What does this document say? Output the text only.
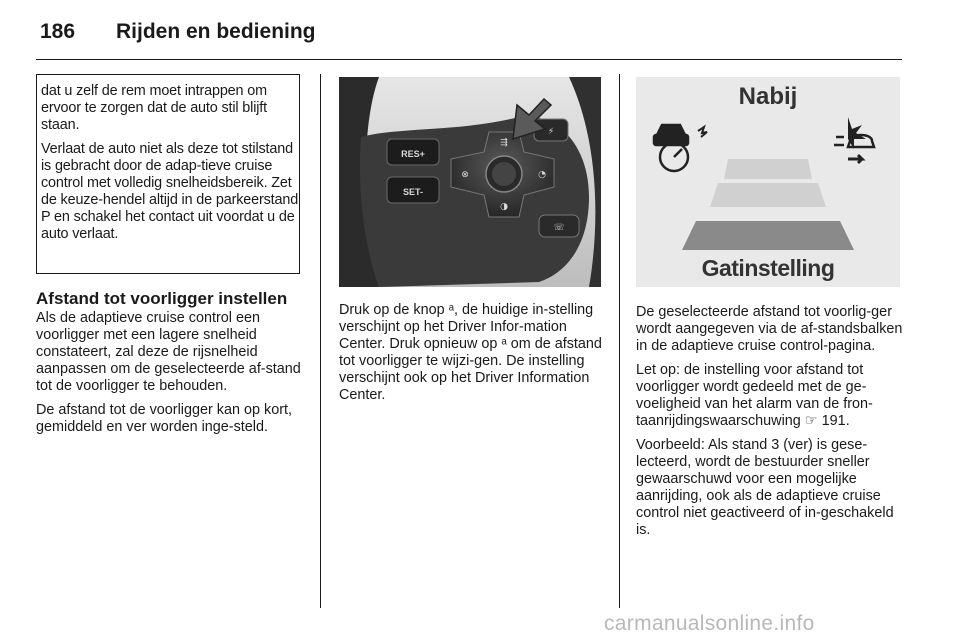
186 Rijden en bediening

dat u zelf de rem moet intrappen om ervoor te zorgen dat de auto stil blijft staan.

Verlaat de auto niet als deze tot stilstand is gebracht door de adap-tieve cruise control met volledig snelheidsbereik. Zet de keuze-hendel altijd in de parkeerstand P en schakel het contact uit voordat u de auto verlaat.

Afstand tot voorligger instellen

Als de adaptieve cruise control een voorligger met een lagere snelheid constateert, zal deze de rijsnelheid aanpassen om de geselecteerde af-stand tot de voorligger te behouden.

De afstand tot de voorligger kan op kort, gemiddeld en ver worden inge-steld.

RES+
SET-
⇶
⊗	◔
◑
⚡
☏

Druk op de knop ᵃ, de huidige in-stelling verschijnt op het Driver Infor-mation Center. Druk opnieuw op ᵃ om de afstand tot voorligger te wijzi-gen. De instelling verschijnt ook op het Driver Information Center.

Nabij
Gatinstelling

De geselecteerde afstand tot voorlig-ger wordt aangegeven via de af-standsbalken in de adaptieve cruise control-pagina.

Let op: de instelling voor afstand tot voorligger wordt gedeeld met de ge-voeligheid van het alarm van de fron-taanrijdingswaarschuwing ☞ 191.

Voorbeeld: Als stand 3 (ver) is gese-lecteerd, wordt de bestuurder sneller gewaarschuwd voor een mogelijke aanrijding, ook als de adaptieve cruise control niet geactiveerd of in-geschakeld is.

carmanualsonline.info
